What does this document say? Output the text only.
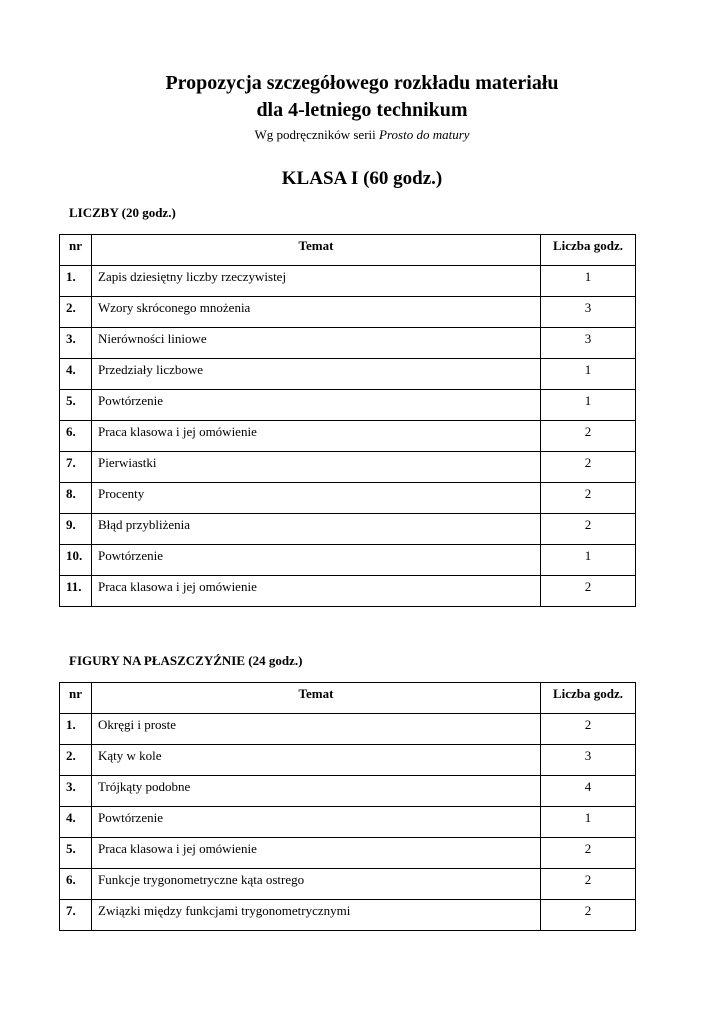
Propozycja szczegółowego rozkładu materiału
dla 4-letniego technikum
Wg podręczników serii Prosto do matury
KLASA I (60 godz.)
LICZBY (20 godz.)
nr	Temat	Liczba godz.
1.	Zapis dziesiętny liczby rzeczywistej	1
2.	Wzory skróconego mnożenia	3
3.	Nierówności liniowe	3
4.	Przedziały liczbowe	1
5.	Powtórzenie	1
6.	Praca klasowa i jej omówienie	2
7.	Pierwiastki	2
8.	Procenty	2
9.	Błąd przybliżenia	2
10.	Powtórzenie	1
11.	Praca klasowa i jej omówienie	2
FIGURY NA PŁASZCZYŹNIE (24 godz.)
nr	Temat	Liczba godz.
1.	Okręgi i proste	2
2.	Kąty w kole	3
3.	Trójkąty podobne	4
4.	Powtórzenie	1
5.	Praca klasowa i jej omówienie	2
6.	Funkcje trygonometryczne kąta ostrego	2
7.	Związki między funkcjami trygonometrycznymi	2
